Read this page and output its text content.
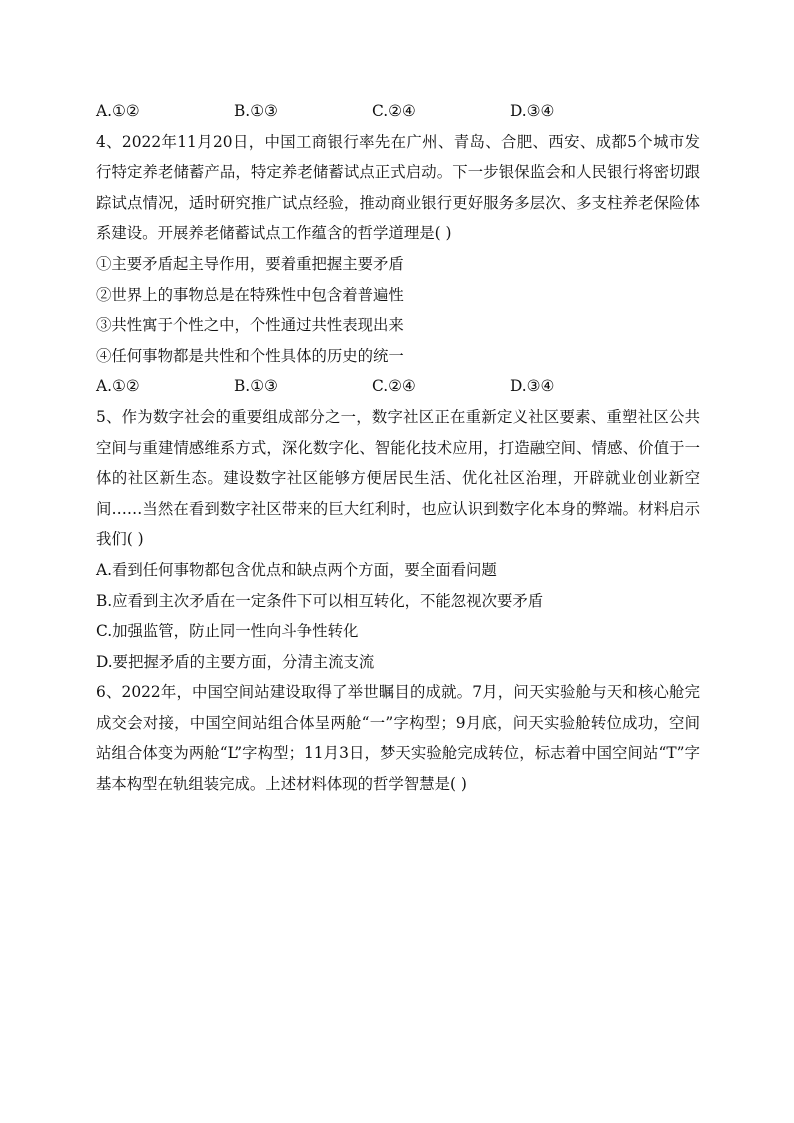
A.①②	B.①③	C.②④	D.③④
4、2022年11月20日，中国工商银行率先在广州、青岛、合肥、西安、成都5个城市发行特定养老储蓄产品，特定养老储蓄试点正式启动。下一步银保监会和人民银行将密切跟踪试点情况，适时研究推广试点经验，推动商业银行更好服务多层次、多支柱养老保险体系建设。开展养老储蓄试点工作蕴含的哲学道理是( )
①主要矛盾起主导作用，要着重把握主要矛盾
②世界上的事物总是在特殊性中包含着普遍性
③共性寓于个性之中，个性通过共性表现出来
④任何事物都是共性和个性具体的历史的统一
A.①②	B.①③	C.②④	D.③④
5、作为数字社会的重要组成部分之一，数字社区正在重新定义社区要素、重塑社区公共空间与重建情感维系方式，深化数字化、智能化技术应用，打造融空间、情感、价值于一体的社区新生态。建设数字社区能够方便居民生活、优化社区治理，开辟就业创业新空间……当然在看到数字社区带来的巨大红利时，也应认识到数字化本身的弊端。材料启示我们( )
A.看到任何事物都包含优点和缺点两个方面，要全面看问题
B.应看到主次矛盾在一定条件下可以相互转化，不能忽视次要矛盾
C.加强监管，防止同一性向斗争性转化
D.要把握矛盾的主要方面，分清主流支流
6、2022年，中国空间站建设取得了举世瞩目的成就。7月，问天实验舱与天和核心舱完成交会对接，中国空间站组合体呈两舱“一”字构型；9月底，问天实验舱转位成功，空间站组合体变为两舱“L”字构型；11月3日，梦天实验舱完成转位，标志着中国空间站“T”字基本构型在轨组装完成。上述材料体现的哲学智慧是( )
